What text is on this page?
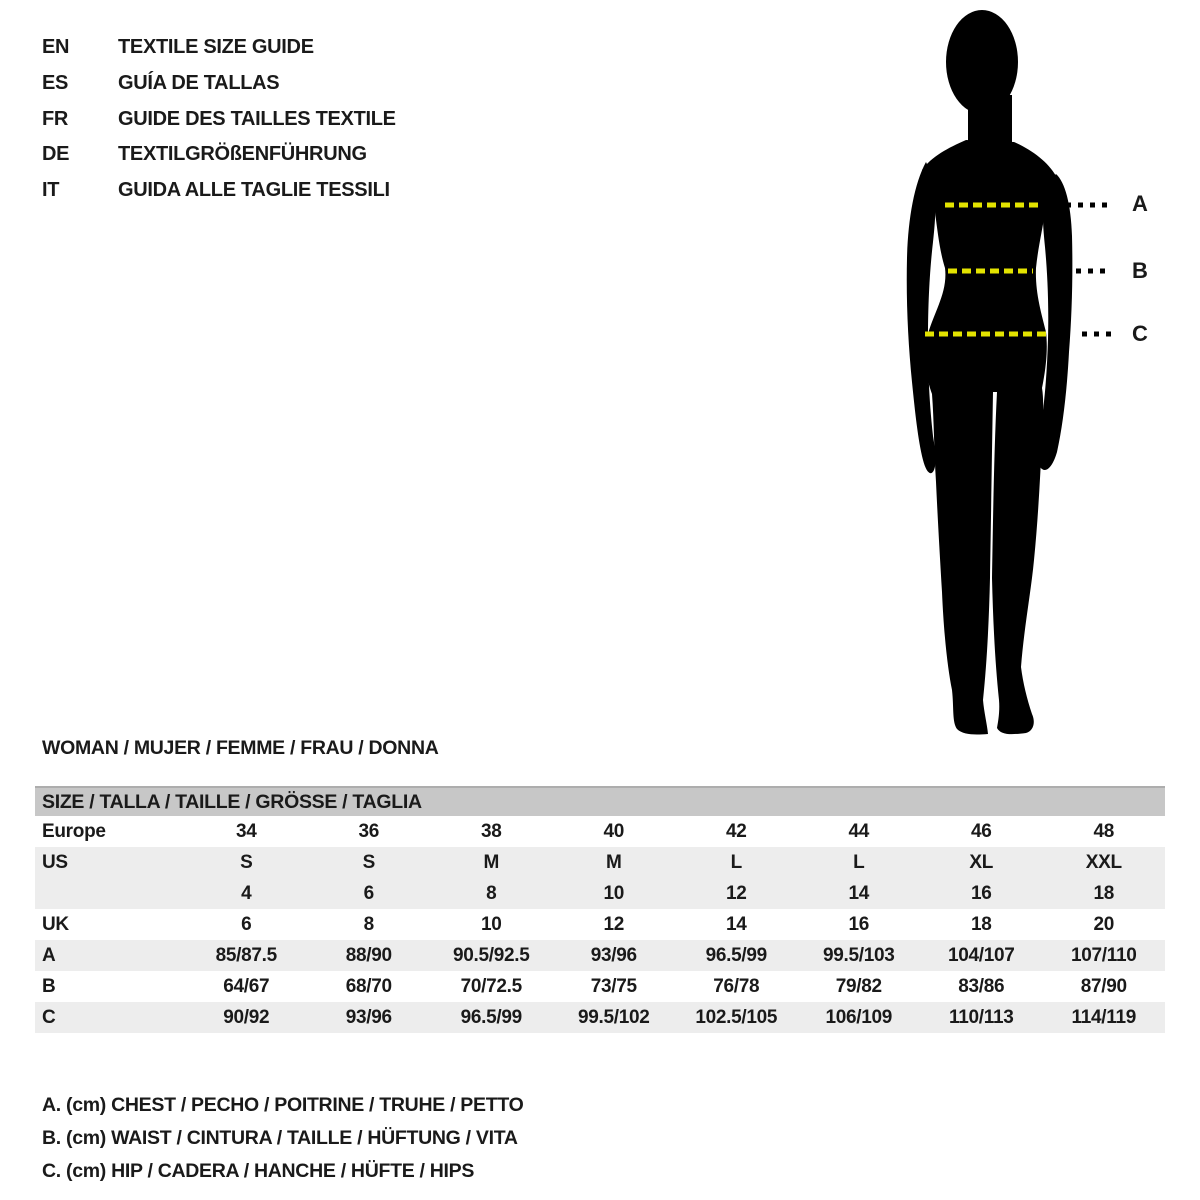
EN	TEXTILE SIZE GUIDE
ES	GUÍA DE TALLAS
FR	GUIDE DES TAILLES TEXTILE
DE	TEXTILGRÖßENFÜHRUNG
IT	GUIDA ALLE TAGLIE TESSILI
A
B
C
WOMAN / MUJER / FEMME / FRAU / DONNA
SIZE / TALLA / TAILLE / GRÖSSE / TAGLIA
Europe	34	36	38	40	42	44	46	48
US	S	S	M	M	L	L	XL	XXL
	4	6	8	10	12	14	16	18
UK	6	8	10	12	14	16	18	20
A	85/87.5	88/90	90.5/92.5	93/96	96.5/99	99.5/103	104/107	107/110
B	64/67	68/70	70/72.5	73/75	76/78	79/82	83/86	87/90
C	90/92	93/96	96.5/99	99.5/102	102.5/105	106/109	110/113	114/119
A. (cm) CHEST / PECHO / POITRINE / TRUHE / PETTO
B. (cm) WAIST / CINTURA / TAILLE / HÜFTUNG / VITA
C. (cm) HIP / CADERA / HANCHE / HÜFTE / HIPS
